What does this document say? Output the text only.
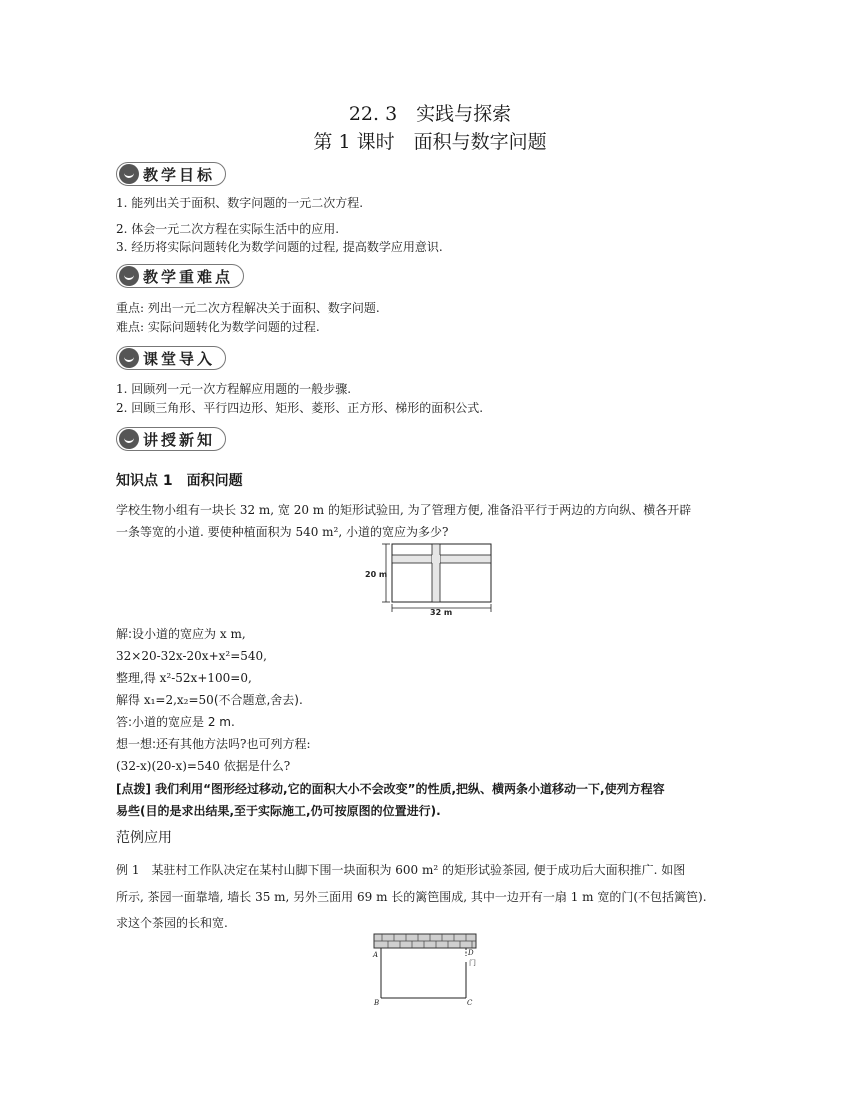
22. 3　实践与探索
第 1 课时　面积与数字问题
教学目标
1. 能列出关于面积、数字问题的一元二次方程.
2. 体会一元二次方程在实际生活中的应用.
3. 经历将实际问题转化为数学问题的过程, 提高数学应用意识.
教学重难点
重点: 列出一元二次方程解决关于面积、数字问题.
难点: 实际问题转化为数学问题的过程.
课堂导入
1. 回顾列一元一次方程解应用题的一般步骤.
2. 回顾三角形、平行四边形、矩形、菱形、正方形、梯形的面积公式.
讲授新知
知识点 1　面积问题
学校生物小组有一块长 32 m, 宽 20 m 的矩形试验田, 为了管理方便, 准备沿平行于两边的方向纵、横各开辟
一条等宽的小道. 要使种植面积为 540 m², 小道的宽应为多少?
20 m
32 m
解:设小道的宽应为 x m,
32×20-32x-20x+x²=540,
整理,得 x²-52x+100=0,
解得 x₁=2,x₂=50(不合题意,舍去).
答:小道的宽应是 2 m.
想一想:还有其他方法吗?也可列方程:
(32-x)(20-x)=540 依据是什么?
[点拨] 我们利用“图形经过移动,它的面积大小不会改变”的性质,把纵、横两条小道移动一下,使列方程容
易些(目的是求出结果,至于实际施工,仍可按原图的位置进行).
范例应用
例 1　某驻村工作队决定在某村山脚下围一块面积为 600 m² 的矩形试验茶园, 便于成功后大面积推广. 如图
所示, 茶园一面靠墙, 墙长 35 m, 另外三面用 69 m 长的篱笆围成, 其中一边开有一扇 1 m 宽的门(不包括篱笆).
求这个茶园的长和宽.
A	D
门
B	C
